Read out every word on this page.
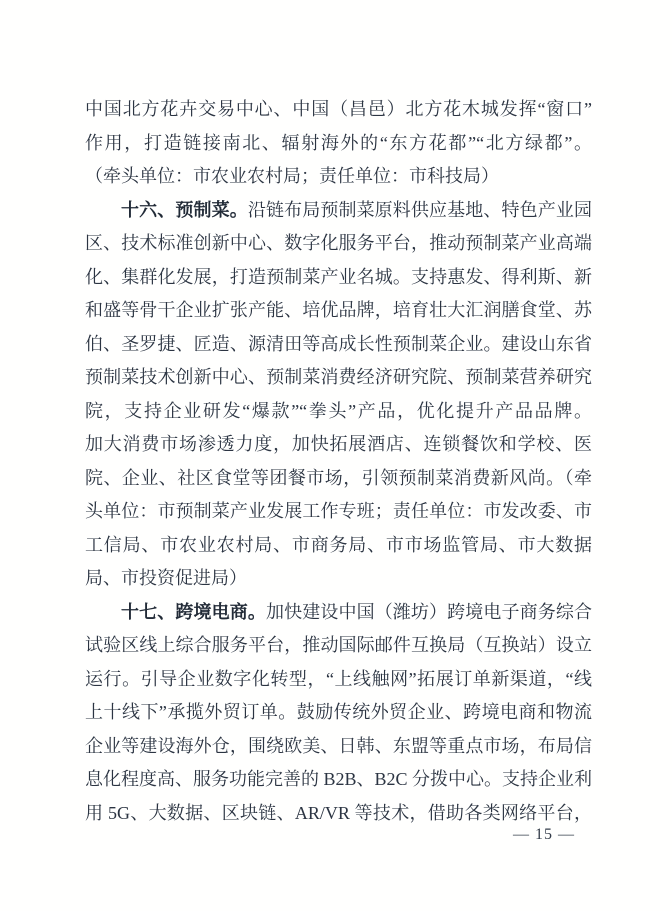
中国北方花卉交易中心、中国（昌邑）北方花木城发挥“窗口”
作用，打造链接南北、辐射海外的“东方花都”“北方绿都”。
（牵头单位：市农业农村局；责任单位：市科技局）
十六、预制菜。沿链布局预制菜原料供应基地、特色产业园
区、技术标准创新中心、数字化服务平台，推动预制菜产业高端
化、集群化发展，打造预制菜产业名城。支持惠发、得利斯、新
和盛等骨干企业扩张产能、培优品牌，培育壮大汇润膳食堂、苏
伯、圣罗捷、匠造、源清田等高成长性预制菜企业。建设山东省
预制菜技术创新中心、预制菜消费经济研究院、预制菜营养研究
院，支持企业研发“爆款”“拳头”产品，优化提升产品品牌。
加大消费市场渗透力度，加快拓展酒店、连锁餐饮和学校、医
院、企业、社区食堂等团餐市场，引领预制菜消费新风尚。（牵
头单位：市预制菜产业发展工作专班；责任单位：市发改委、市
工信局、市农业农村局、市商务局、市市场监管局、市大数据
局、市投资促进局）
十七、跨境电商。加快建设中国（潍坊）跨境电子商务综合
试验区线上综合服务平台，推动国际邮件互换局（互换站）设立
运行。引导企业数字化转型，“上线触网”拓展订单新渠道，“线
上十线下”承揽外贸订单。鼓励传统外贸企业、跨境电商和物流
企业等建设海外仓，围绕欧美、日韩、东盟等重点市场，布局信
息化程度高、服务功能完善的 B2B、B2C 分拨中心。支持企业利
用 5G、大数据、区块链、AR/VR 等技术，借助各类网络平台，
— 15 —
